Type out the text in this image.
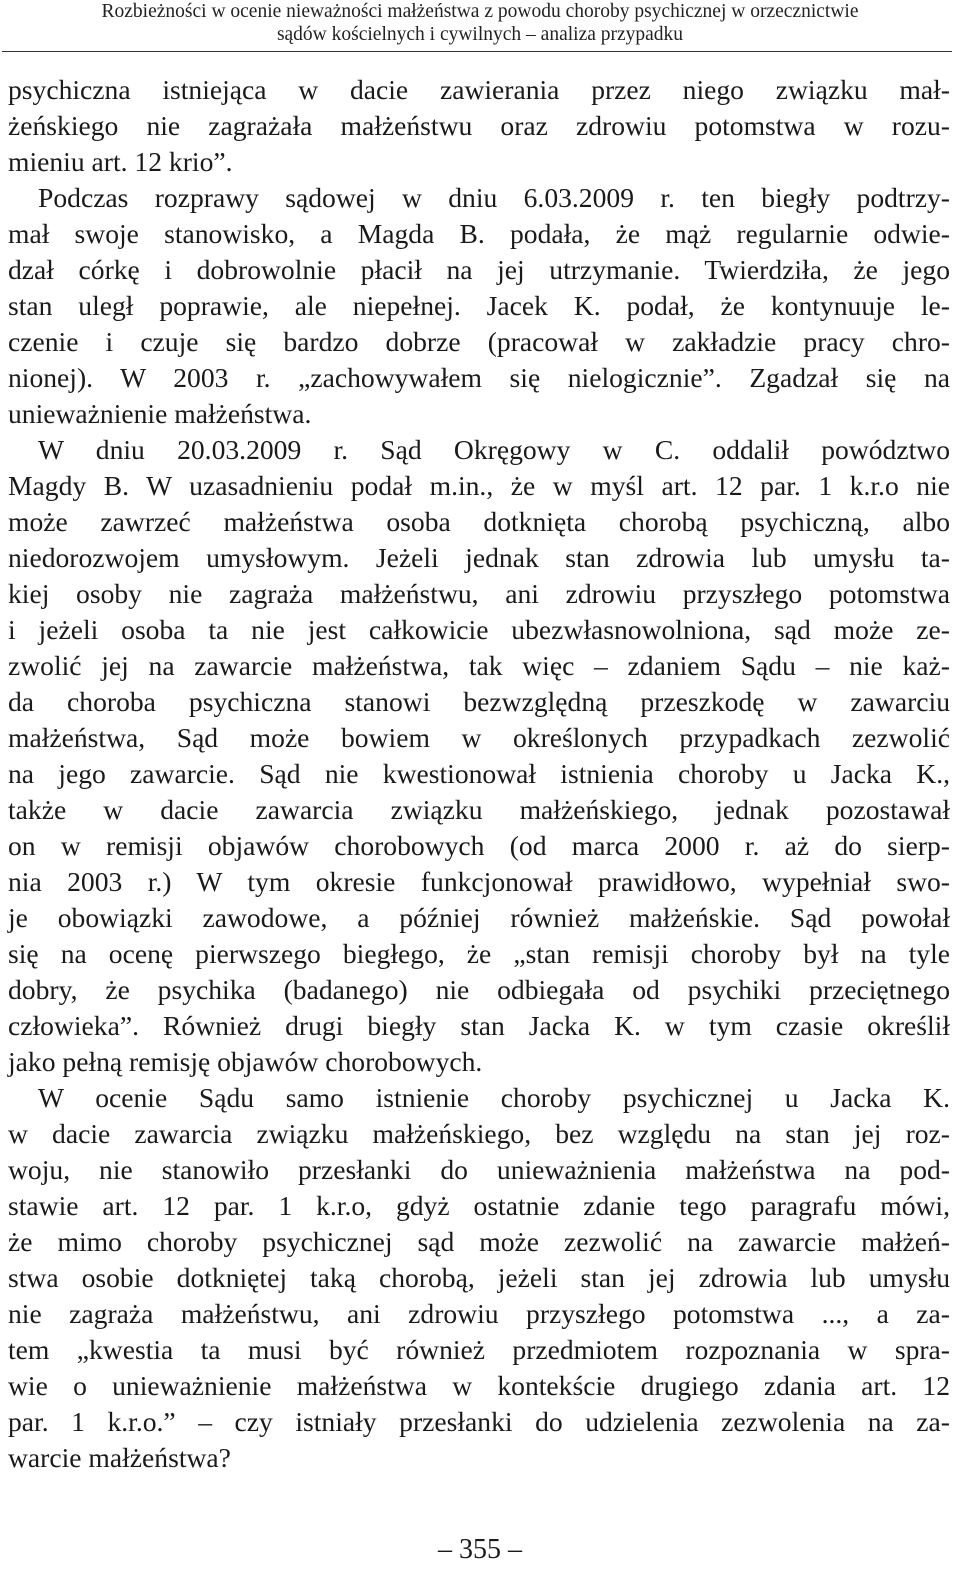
Rozbieżności w ocenie nieważności małżeństwa z powodu choroby psychicznej w orzecznictwie
sądów kościelnych i cywilnych – analiza przypadku
psychiczna istniejąca w dacie zawierania przez niego związku mał-
żeńskiego nie zagrażała małżeństwu oraz zdrowiu potomstwa w rozu-
mieniu art. 12 krio”.
Podczas rozprawy sądowej w dniu 6.03.2009 r. ten biegły podtrzy-
mał swoje stanowisko, a Magda B. podała, że mąż regularnie odwie-
dzał córkę i dobrowolnie płacił na jej utrzymanie. Twierdziła, że jego
stan uległ poprawie, ale niepełnej. Jacek K. podał, że kontynuuje le-
czenie i czuje się bardzo dobrze (pracował w zakładzie pracy chro-
nionej). W 2003 r. „zachowywałem się nielogicznie”. Zgadzał się na
unieważnienie małżeństwa.
W dniu 20.03.2009 r. Sąd Okręgowy w C. oddalił powództwo
Magdy B. W uzasadnieniu podał m.in., że w myśl art. 12 par. 1 k.r.o nie
może zawrzeć małżeństwa osoba dotknięta chorobą psychiczną, albo
niedorozwojem umysłowym. Jeżeli jednak stan zdrowia lub umysłu ta-
kiej osoby nie zagraża małżeństwu, ani zdrowiu przyszłego potomstwa
i jeżeli osoba ta nie jest całkowicie ubezwłasnowolniona, sąd może ze-
zwolić jej na zawarcie małżeństwa, tak więc – zdaniem Sądu – nie każ-
da choroba psychiczna stanowi bezwzględną przeszkodę w zawarciu
małżeństwa, Sąd może bowiem w określonych przypadkach zezwolić
na jego zawarcie. Sąd nie kwestionował istnienia choroby u Jacka K.,
także w dacie zawarcia związku małżeńskiego, jednak pozostawał
on w remisji objawów chorobowych (od marca 2000 r. aż do sierp-
nia 2003 r.) W tym okresie funkcjonował prawidłowo, wypełniał swo-
je obowiązki zawodowe, a później również małżeńskie. Sąd powołał
się na ocenę pierwszego biegłego, że „stan remisji choroby był na tyle
dobry, że psychika (badanego) nie odbiegała od psychiki przeciętnego
człowieka”. Również drugi biegły stan Jacka K. w tym czasie określił
jako pełną remisję objawów chorobowych.
W ocenie Sądu samo istnienie choroby psychicznej u Jacka K.
w dacie zawarcia związku małżeńskiego, bez względu na stan jej roz-
woju, nie stanowiło przesłanki do unieważnienia małżeństwa na pod-
stawie art. 12 par. 1 k.r.o, gdyż ostatnie zdanie tego paragrafu mówi,
że mimo choroby psychicznej sąd może zezwolić na zawarcie małżeń-
stwa osobie dotkniętej taką chorobą, jeżeli stan jej zdrowia lub umysłu
nie zagraża małżeństwu, ani zdrowiu przyszłego potomstwa ..., a za-
tem „kwestia ta musi być również przedmiotem rozpoznania w spra-
wie o unieważnienie małżeństwa w kontekście drugiego zdania art. 12
par. 1 k.r.o.” – czy istniały przesłanki do udzielenia zezwolenia na za-
warcie małżeństwa?
– 355 –
